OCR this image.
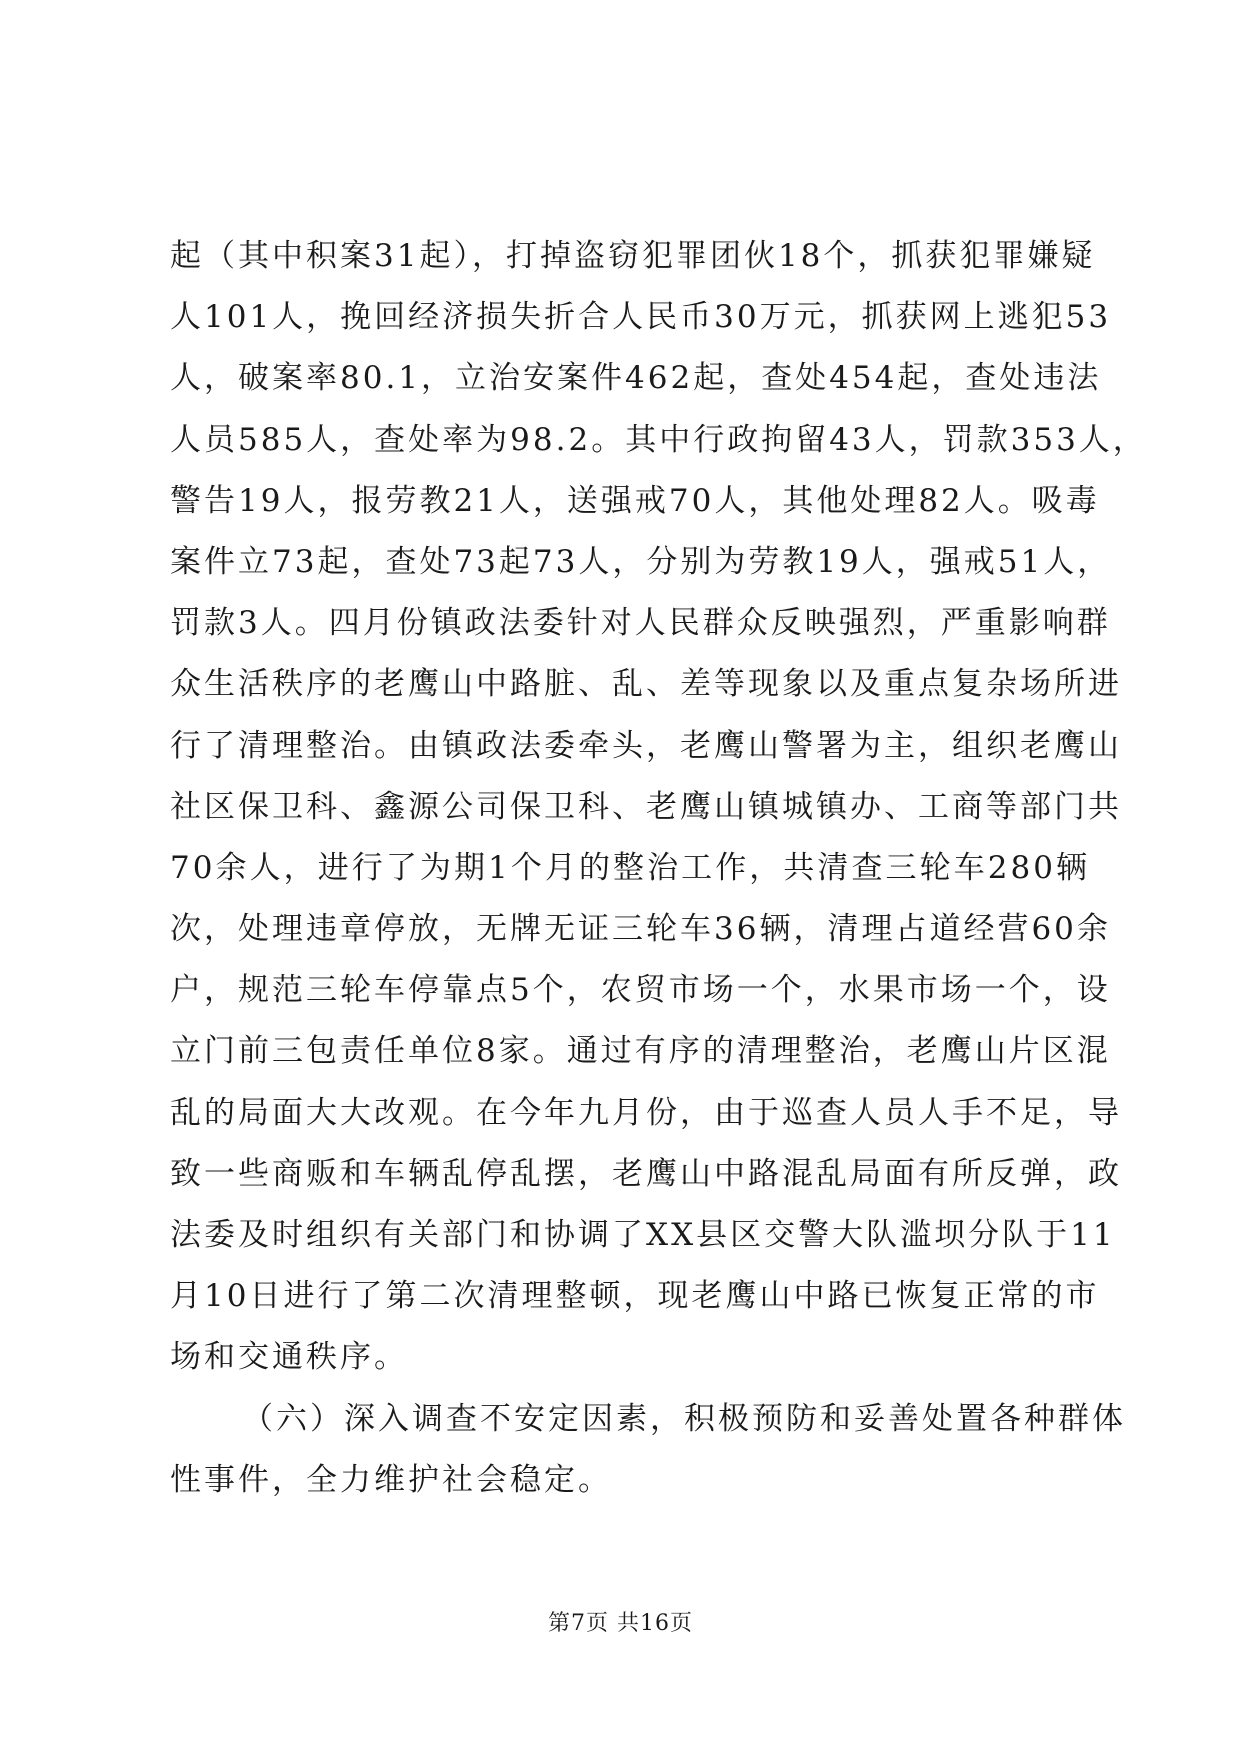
起（其中积案31起），打掉盗窃犯罪团伙18个，抓获犯罪嫌疑
人101人，挽回经济损失折合人民币30万元，抓获网上逃犯53
人，破案率80.1，立治安案件462起，查处454起，查处违法
人员585人，查处率为98.2。其中行政拘留43人，罚款353人，
警告19人，报劳教21人，送强戒70人，其他处理82人。吸毒
案件立73起，查处73起73人，分别为劳教19人，强戒51人，
罚款3人。四月份镇政法委针对人民群众反映强烈，严重影响群
众生活秩序的老鹰山中路脏、乱、差等现象以及重点复杂场所进
行了清理整治。由镇政法委牵头，老鹰山警署为主，组织老鹰山
社区保卫科、鑫源公司保卫科、老鹰山镇城镇办、工商等部门共
70余人，进行了为期1个月的整治工作，共清查三轮车280辆
次，处理违章停放，无牌无证三轮车36辆，清理占道经营60余
户，规范三轮车停靠点5个，农贸市场一个，水果市场一个，设
立门前三包责任单位8家。通过有序的清理整治，老鹰山片区混
乱的局面大大改观。在今年九月份，由于巡查人员人手不足，导
致一些商贩和车辆乱停乱摆，老鹰山中路混乱局面有所反弹，政
法委及时组织有关部门和协调了XX县区交警大队滥坝分队于11
月10日进行了第二次清理整顿，现老鹰山中路已恢复正常的市
场和交通秩序。
（六）深入调查不安定因素，积极预防和妥善处置各种群体
性事件，全力维护社会稳定。
第7页 共16页
